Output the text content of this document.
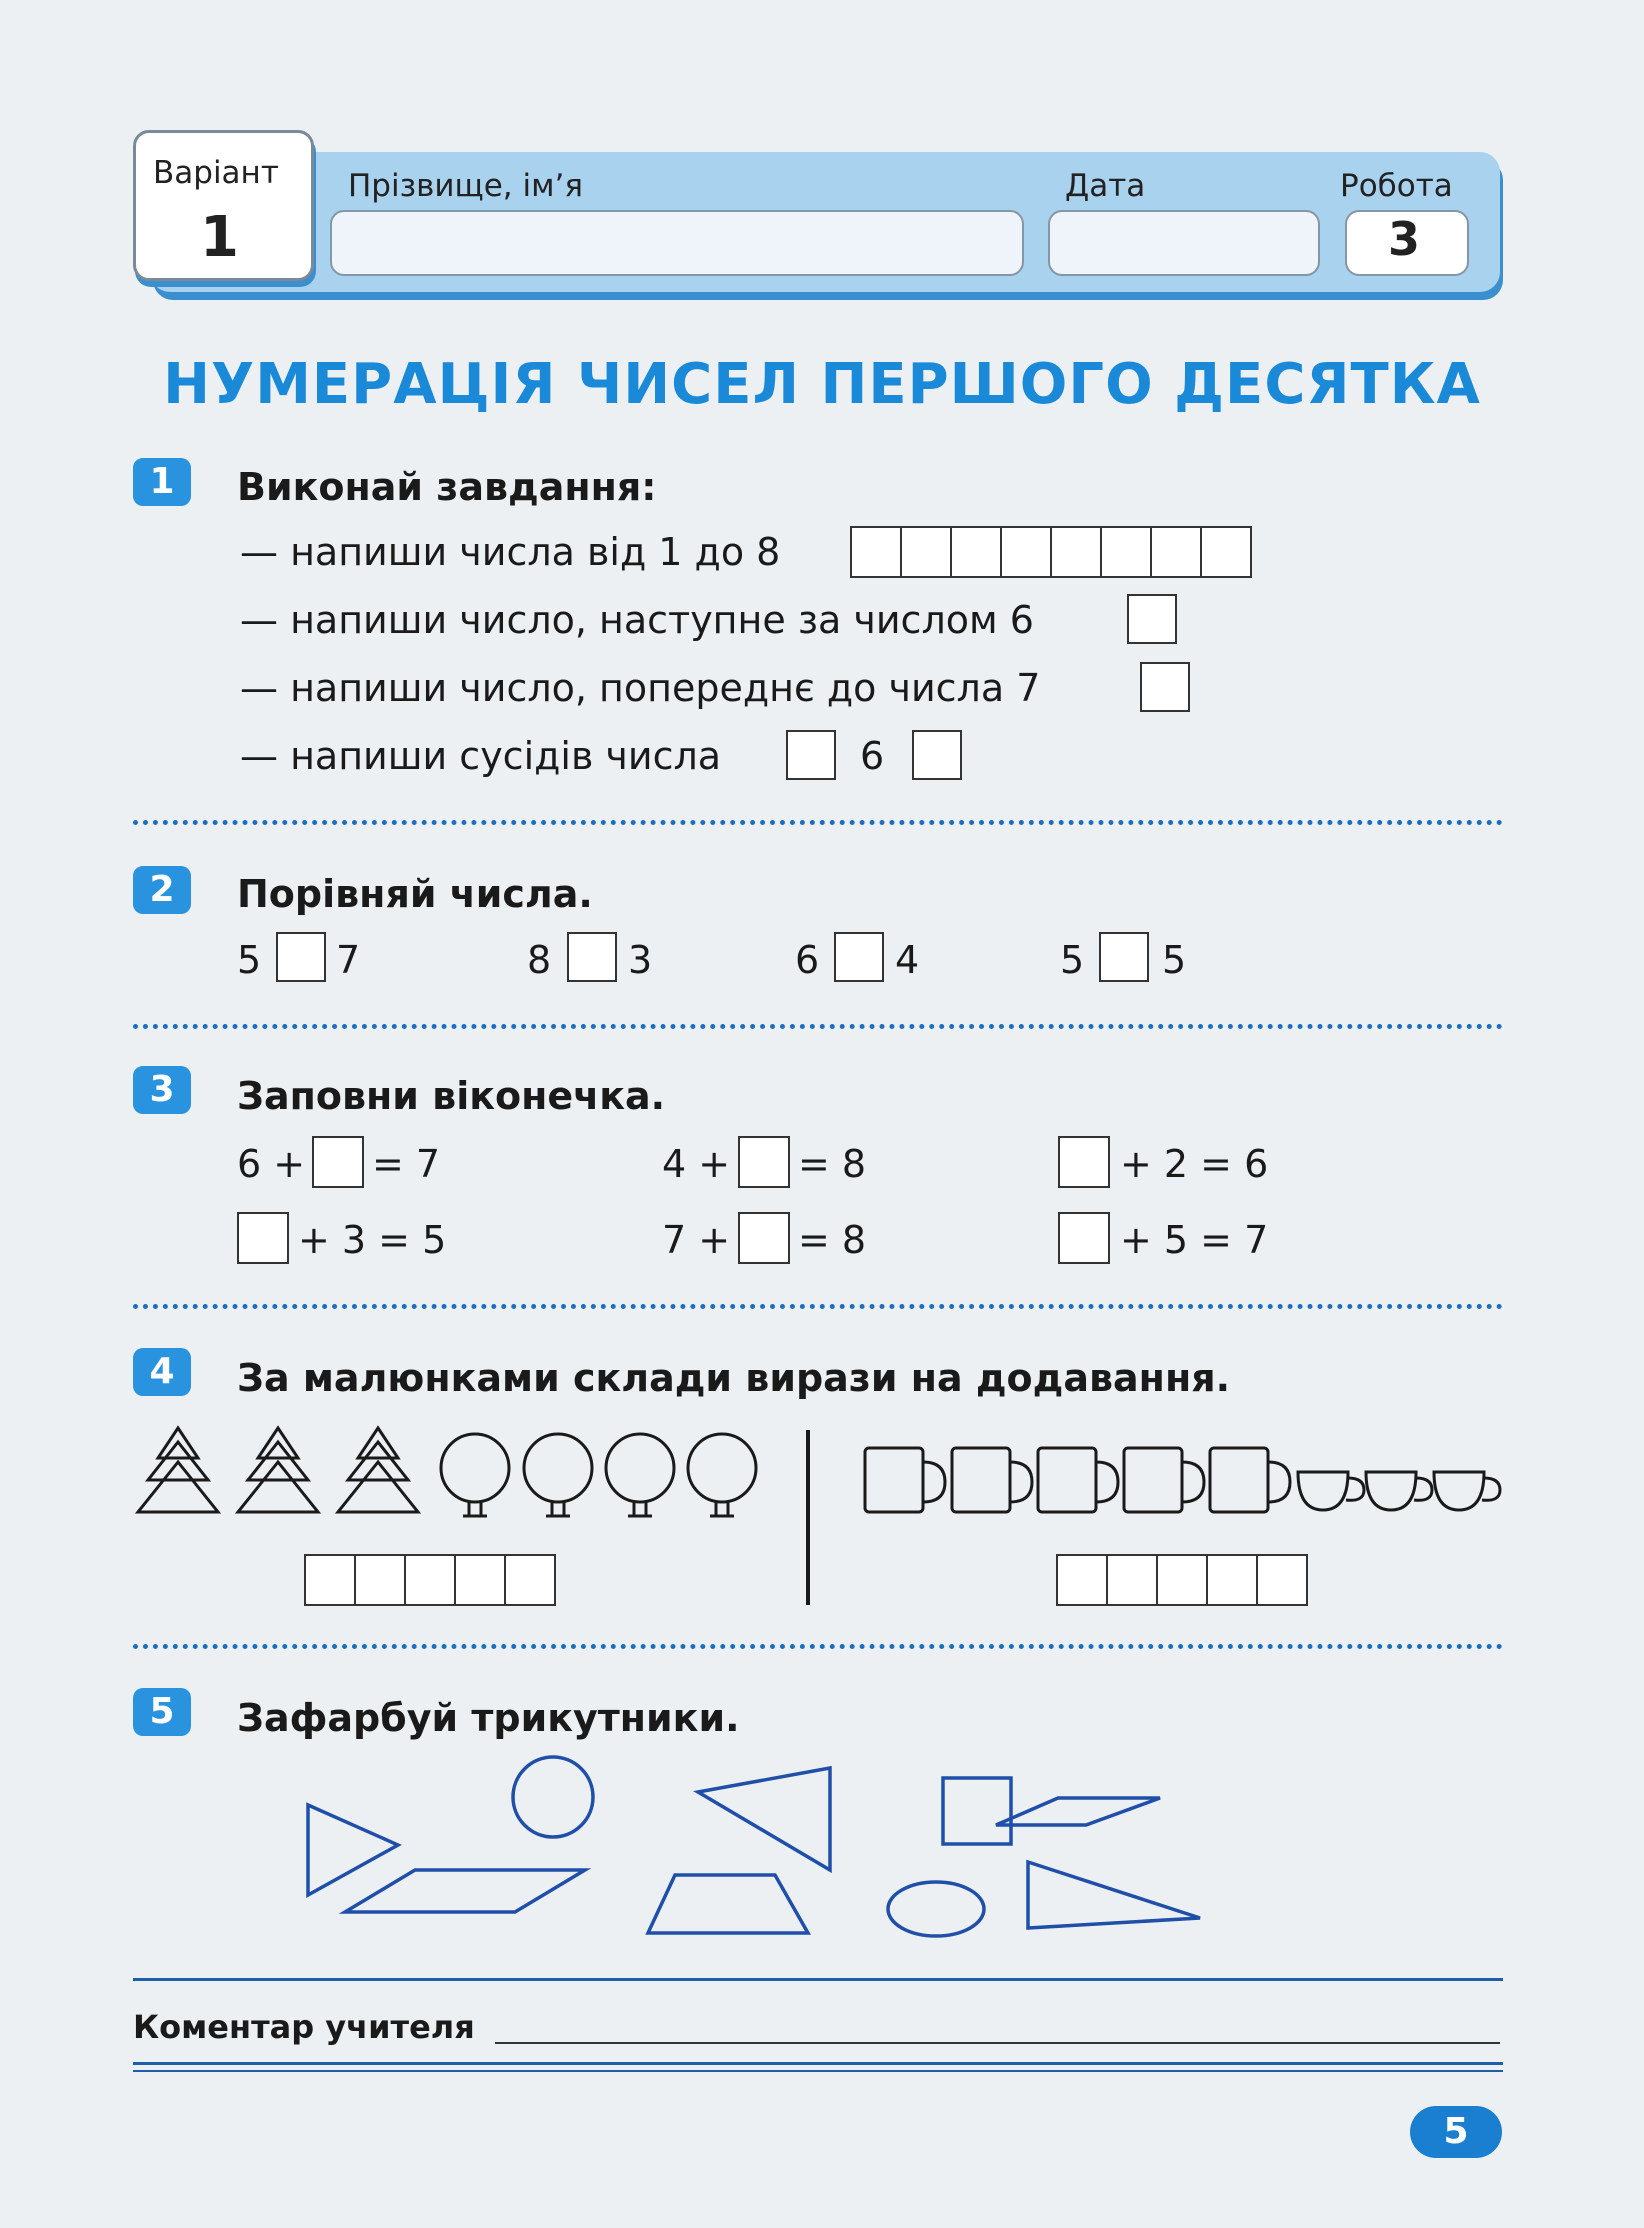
Варіант
1
Прізвище, ім’я	Дата	Робота
3
НУМЕРАЦІЯ ЧИСЕЛ ПЕРШОГО ДЕСЯТКА
1	Виконай завдання:
— напиши числа від 1 до 8
— напиши число, наступне за числом 6
— напиши число, попереднє до числа 7
— напиши сусідів числа	6
2	Порівняй числа.
5 7	8 3	6 4	5 5
3	Заповни віконечка.
6 + = 7	4 + = 8	+ 2 = 6
+ 3 = 5	7 + = 8	+ 5 = 7
4	За малюнками склади вирази на додавання.
5	Зафарбуй трикутники.
Коментар учителя
5
